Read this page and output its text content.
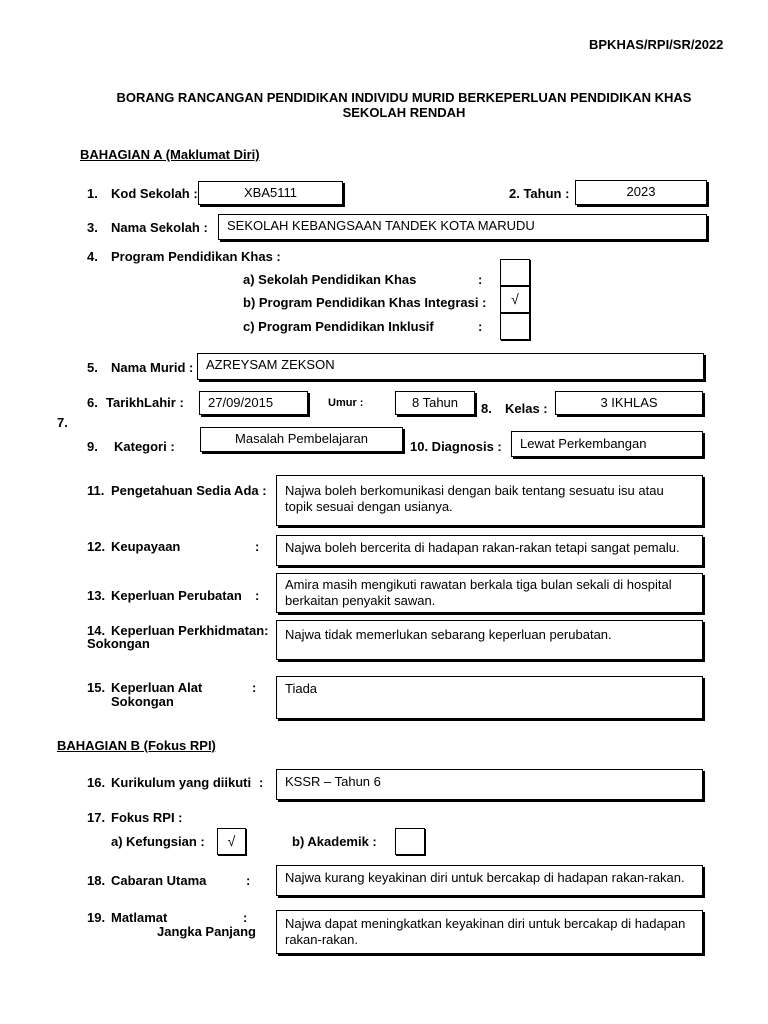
BPKHAS/RPI/SR/2022
BORANG RANCANGAN PENDIDIKAN INDIVIDU MURID BERKEPERLUAN PENDIDIKAN KHAS
SEKOLAH RENDAH
BAHAGIAN A (Maklumat Diri)
1. Kod Sekolah :	XBA5111	2. Tahun :	2023
3. Nama Sekolah :	SEKOLAH KEBANGSAAN TANDEK KOTA MARUDU
4. Program Pendidikan Khas :
a) Sekolah Pendidikan Khas	:
b) Program Pendidikan Khas Integrasi :	√
c) Program Pendidikan Inklusif	:
5. Nama Murid : AZREYSAM ZEKSON
6. TarikhLahir :	27/09/2015	Umur :	8 Tahun	8. Kelas :	3 IKHLAS
7.
9. Kategori :
Masalah Pembelajaran
10. Diagnosis :	Lewat Perkembangan
11. Pengetahuan Sedia Ada :	Najwa boleh berkomunikasi dengan baik tentang sesuatu isu atau topik sesuai dengan usianya.
12. Keupayaan	:	Najwa boleh bercerita di hadapan rakan-rakan tetapi sangat pemalu.
13. Keperluan Perubatan :
Amira masih mengikuti rawatan berkala tiga bulan sekali di hospital berkaitan penyakit sawan.
14. Keperluan Perkhidmatan:
Sokongan
Najwa tidak memerlukan sebarang keperluan perubatan.
15. Keperluan Alat	:
Sokongan
Tiada
BAHAGIAN B (Fokus RPI)
16. Kurikulum yang diikuti :	KSSR – Tahun 6
17. Fokus RPI :
a) Kefungsian :	√	b) Akademik :
18. Cabaran Utama	:	Najwa kurang keyakinan diri untuk bercakap di hadapan rakan-rakan.
19. Matlamat	:
Jangka Panjang
Najwa dapat meningkatkan keyakinan diri untuk bercakap di hadapan rakan-rakan.
